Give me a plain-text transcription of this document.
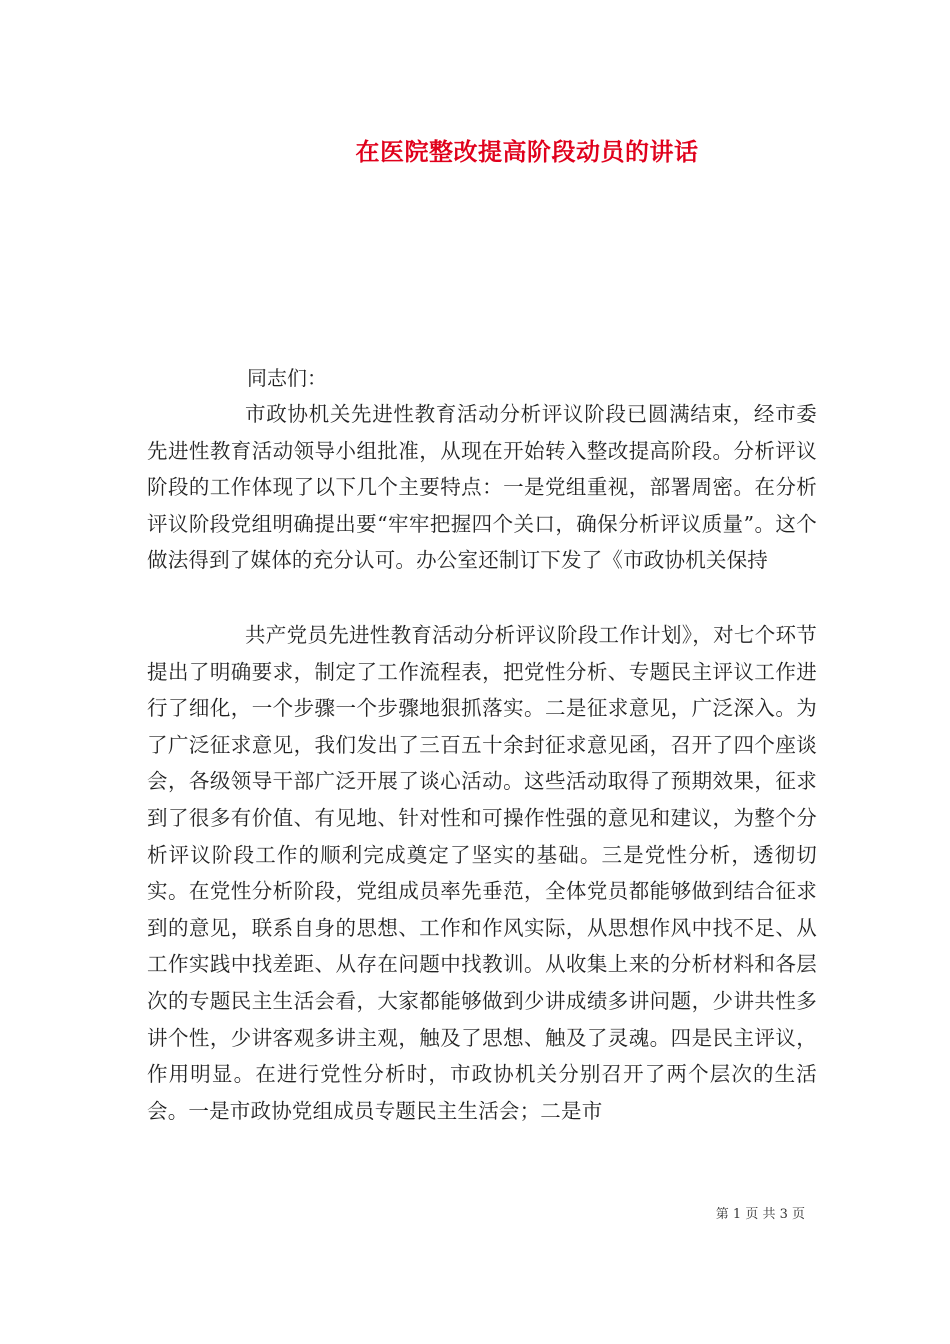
在医院整改提高阶段动员的讲话

同志们：

市政协机关先进性教育活动分析评议阶段已圆满结束，经市委先进性教育活动领导小组批准，从现在开始转入整改提高阶段。分析评议阶段的工作体现了以下几个主要特点：一是党组重视，部署周密。在分析评议阶段党组明确提出要“牢牢把握四个关口，确保分析评议质量”。这个做法得到了媒体的充分认可。办公室还制订下发了《市政协机关保持

共产党员先进性教育活动分析评议阶段工作计划》，对七个环节提出了明确要求，制定了工作流程表，把党性分析、专题民主评议工作进行了细化，一个步骤一个步骤地狠抓落实。二是征求意见，广泛深入。为了广泛征求意见，我们发出了三百五十余封征求意见函，召开了四个座谈会，各级领导干部广泛开展了谈心活动。这些活动取得了预期效果，征求到了很多有价值、有见地、针对性和可操作性强的意见和建议，为整个分析评议阶段工作的顺利完成奠定了坚实的基础。三是党性分析，透彻切实。在党性分析阶段，党组成员率先垂范，全体党员都能够做到结合征求到的意见，联系自身的思想、工作和作风实际，从思想作风中找不足、从工作实践中找差距、从存在问题中找教训。从收集上来的分析材料和各层次的专题民主生活会看，大家都能够做到少讲成绩多讲问题，少讲共性多讲个性，少讲客观多讲主观，触及了思想、触及了灵魂。四是民主评议，作用明显。在进行党性分析时，市政协机关分别召开了两个层次的生活会。一是市政协党组成员专题民主生活会；二是市

第 1 页 共 3 页
